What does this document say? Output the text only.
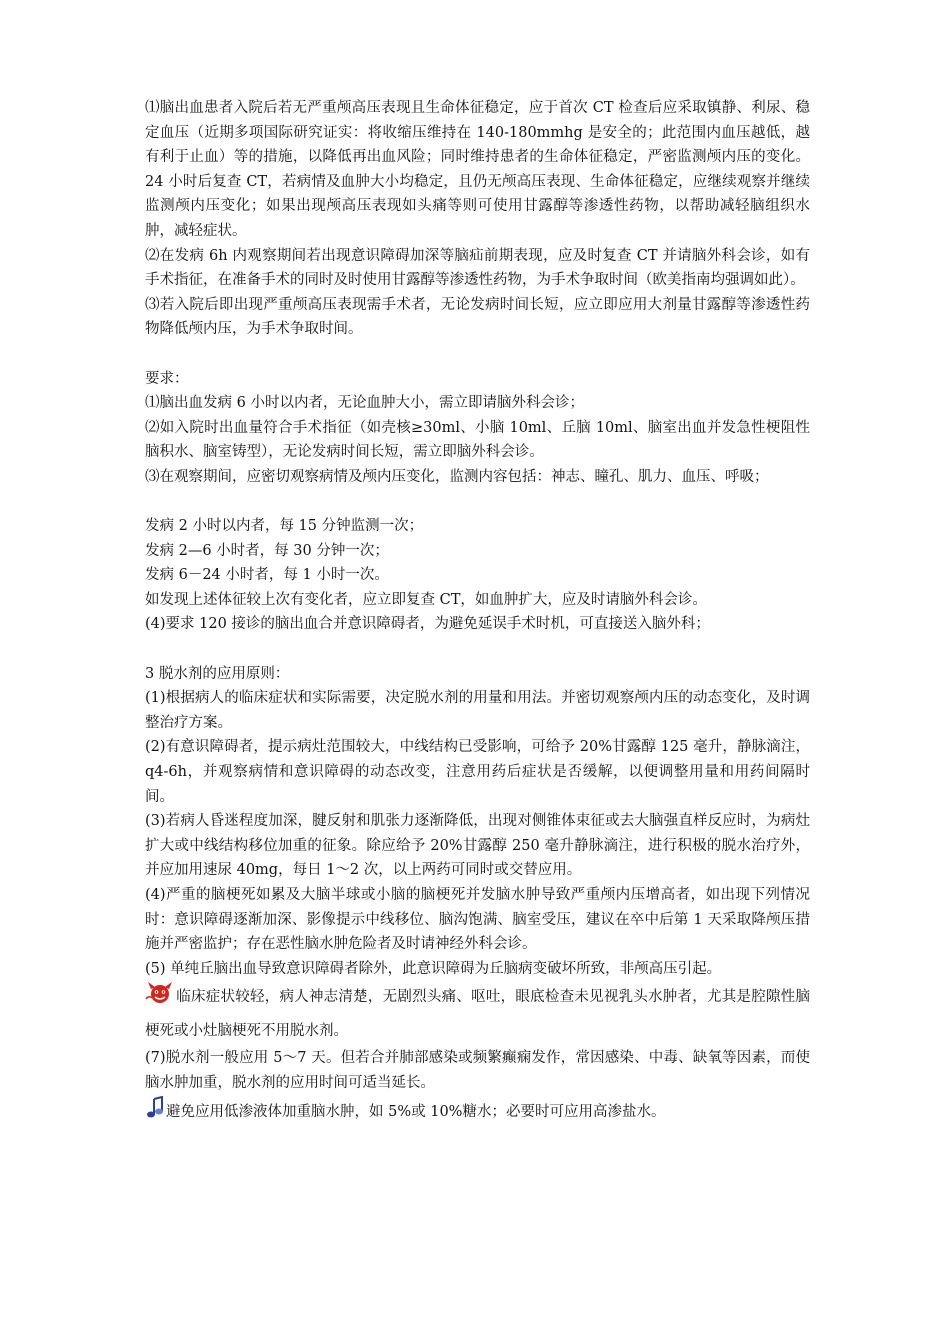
⑴脑出血患者入院后若无严重颅高压表现且生命体征稳定，应于首次 CT 检查后应采取镇静、利尿、稳定血压（近期多项国际研究证实：将收缩压维持在 140-180mmhg 是安全的；此范围内血压越低，越有利于止血）等的措施，以降低再出血风险；同时维持患者的生命体征稳定，严密监测颅内压的变化。 24 小时后复查 CT，若病情及血肿大小均稳定，且仍无颅高压表现、生命体征稳定，应继续观察并继续监测颅内压变化；如果出现颅高压表现如头痛等则可使用甘露醇等渗透性药物，以帮助减轻脑组织水肿，减轻症状。

⑵在发病 6h 内观察期间若出现意识障碍加深等脑疝前期表现，应及时复查 CT 并请脑外科会诊，如有手术指征，在准备手术的同时及时使用甘露醇等渗透性药物，为手术争取时间（欧美指南均强调如此）。

⑶若入院后即出现严重颅高压表现需手术者，无论发病时间长短，应立即应用大剂量甘露醇等渗透性药物降低颅内压，为手术争取时间。

要求：

⑴脑出血发病 6 小时以内者，无论血肿大小，需立即请脑外科会诊；

⑵如入院时出血量符合手术指征（如壳核≥30ml、小脑 10ml、丘脑 10ml、脑室出血并发急性梗阻性脑积水、脑室铸型），无论发病时间长短，需立即脑外科会诊。

⑶在观察期间，应密切观察病情及颅内压变化，监测内容包括：神志、瞳孔、肌力、血压、呼吸；

发病 2 小时以内者，每 15 分钟监测一次；

发病 2—6 小时者，每 30 分钟一次；

发病 6－24 小时者，每 1 小时一次。

如发现上述体征较上次有变化者，应立即复查 CT，如血肿扩大，应及时请脑外科会诊。

(4)要求 120 接诊的脑出血合并意识障碍者，为避免延误手术时机，可直接送入脑外科；

3 脱水剂的应用原则：

(1)根据病人的临床症状和实际需要，决定脱水剂的用量和用法。并密切观察颅内压的动态变化，及时调整治疗方案。

(2)有意识障碍者，提示病灶范围较大，中线结构已受影响，可给予 20%甘露醇 125 毫升，静脉滴注，q4-6h，并观察病情和意识障碍的动态改变，注意用药后症状是否缓解，以便调整用量和用药间隔时间。

(3)若病人昏迷程度加深，腱反射和肌张力逐渐降低，出现对侧锥体束征或去大脑强直样反应时，为病灶扩大或中线结构移位加重的征象。除应给予 20%甘露醇 250 毫升静脉滴注，进行积极的脱水治疗外，并应加用速尿 40mg，每日 1～2 次，以上两药可同时或交替应用。

(4)严重的脑梗死如累及大脑半球或小脑的脑梗死并发脑水肿导致严重颅内压增高者，如出现下列情况时：意识障碍逐渐加深、影像提示中线移位、脑沟饱满、脑室受压，建议在卒中后第 1 天采取降颅压措施并严密监护；存在恶性脑水肿危险者及时请神经外科会诊。

(5) 单纯丘脑出血导致意识障碍者除外，此意识障碍为丘脑病变破坏所致，非颅高压引起。

临床症状较轻，病人神志清楚，无剧烈头痛、呕吐，眼底检查未见视乳头水肿者，尤其是腔隙性脑梗死或小灶脑梗死不用脱水剂。

(7)脱水剂一般应用 5～7 天。但若合并肺部感染或频繁癫痫发作，常因感染、中毒、缺氧等因素，而使脑水肿加重，脱水剂的应用时间可适当延长。

避免应用低渗液体加重脑水肿，如 5%或 10%糖水；必要时可应用高渗盐水。
